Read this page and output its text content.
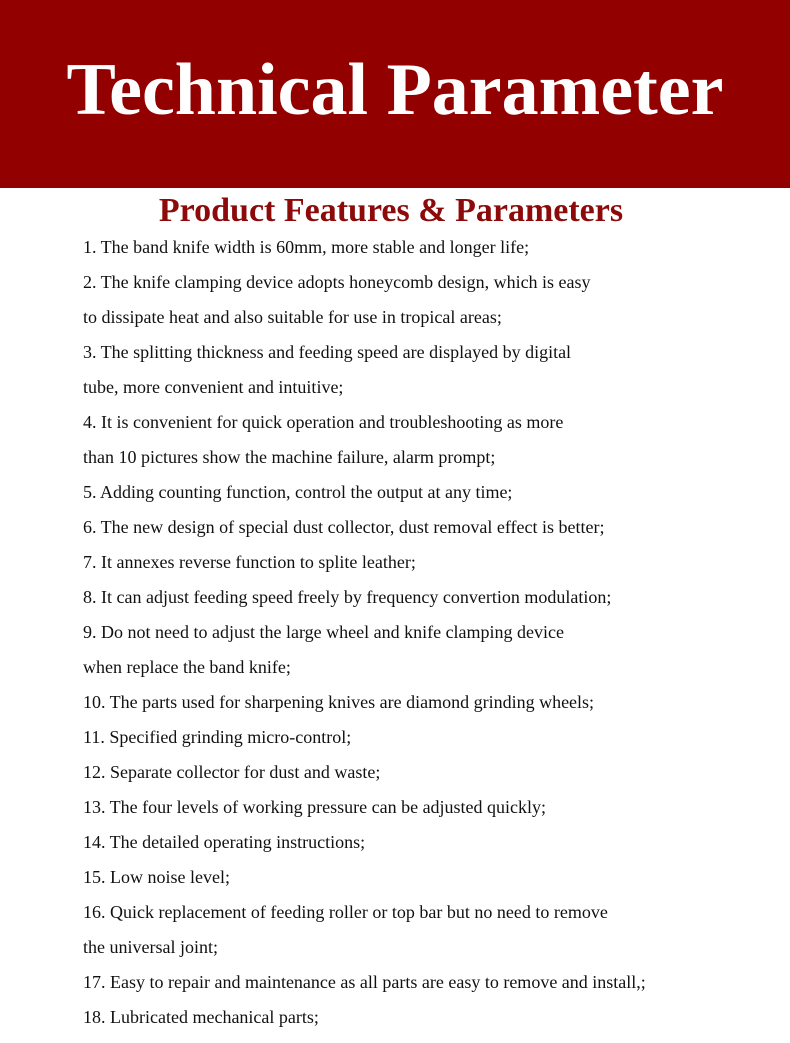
Technical Parameter
Product Features & Parameters
1. The band knife width is 60mm, more stable and longer life;
2. The knife clamping device adopts honeycomb design, which is easy
to dissipate heat and also suitable for use in tropical areas;
3. The splitting thickness and feeding speed are displayed by digital
tube, more convenient and intuitive;
4. It is convenient for quick operation and troubleshooting as more
than 10 pictures show the machine failure, alarm prompt;
5. Adding counting function, control the output at any time;
6. The new design of special dust collector, dust removal effect is better;
7. It annexes reverse function to splite leather;
8. It can adjust feeding speed freely by frequency convertion modulation;
9. Do not need to adjust the large wheel and knife clamping device
when replace the band knife;
10. The parts used for sharpening knives are diamond grinding wheels;
11. Specified grinding micro-control;
12. Separate collector for dust and waste;
13. The four levels of working pressure can be adjusted quickly;
14. The detailed operating instructions;
15. Low noise level;
16. Quick replacement of feeding roller or top bar but no need to remove
the universal joint;
17. Easy to repair and maintenance as all parts are easy to remove and install,;
18. Lubricated mechanical parts;
